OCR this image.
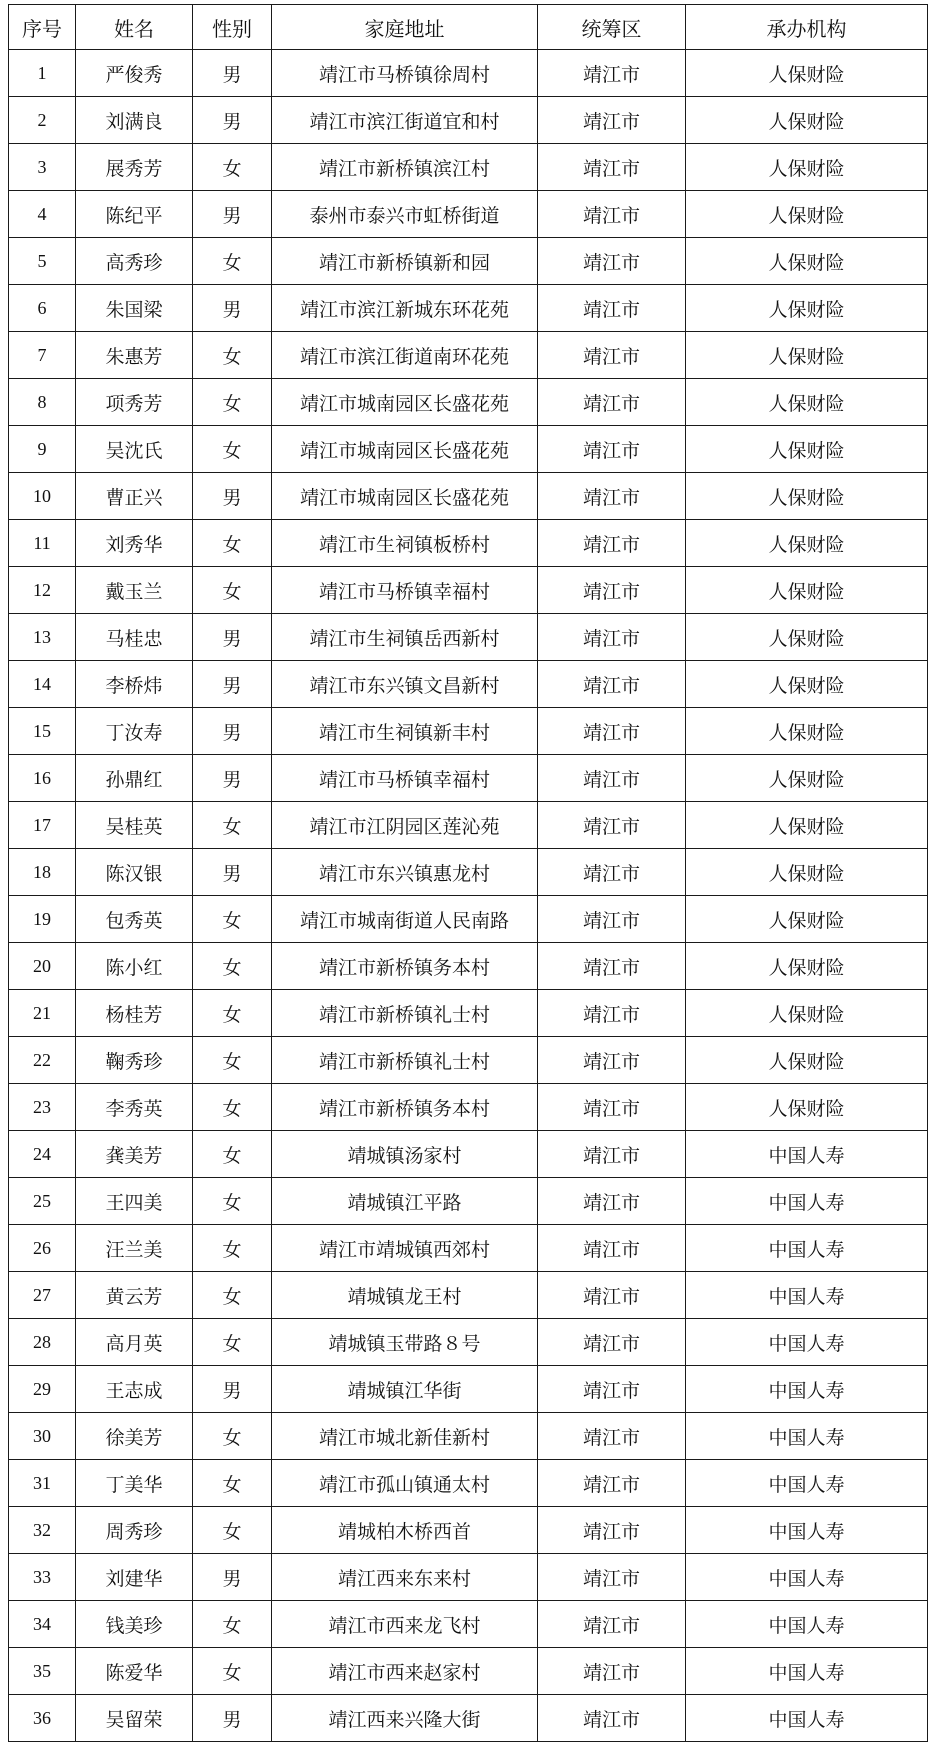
序号	姓名	性别	家庭地址	统筹区	承办机构
1	严俊秀	男	靖江市马桥镇徐周村	靖江市	人保财险
2	刘满良	男	靖江市滨江街道宜和村	靖江市	人保财险
3	展秀芳	女	靖江市新桥镇滨江村	靖江市	人保财险
4	陈纪平	男	泰州市泰兴市虹桥街道	靖江市	人保财险
5	高秀珍	女	靖江市新桥镇新和园	靖江市	人保财险
6	朱国梁	男	靖江市滨江新城东环花苑	靖江市	人保财险
7	朱惠芳	女	靖江市滨江街道南环花苑	靖江市	人保财险
8	项秀芳	女	靖江市城南园区长盛花苑	靖江市	人保财险
9	吴沈氏	女	靖江市城南园区长盛花苑	靖江市	人保财险
10	曹正兴	男	靖江市城南园区长盛花苑	靖江市	人保财险
11	刘秀华	女	靖江市生祠镇板桥村	靖江市	人保财险
12	戴玉兰	女	靖江市马桥镇幸福村	靖江市	人保财险
13	马桂忠	男	靖江市生祠镇岳西新村	靖江市	人保财险
14	李桥炜	男	靖江市东兴镇文昌新村	靖江市	人保财险
15	丁汝寿	男	靖江市生祠镇新丰村	靖江市	人保财险
16	孙鼎红	男	靖江市马桥镇幸福村	靖江市	人保财险
17	吴桂英	女	靖江市江阴园区莲沁苑	靖江市	人保财险
18	陈汉银	男	靖江市东兴镇惠龙村	靖江市	人保财险
19	包秀英	女	靖江市城南街道人民南路	靖江市	人保财险
20	陈小红	女	靖江市新桥镇务本村	靖江市	人保财险
21	杨桂芳	女	靖江市新桥镇礼士村	靖江市	人保财险
22	鞠秀珍	女	靖江市新桥镇礼士村	靖江市	人保财险
23	李秀英	女	靖江市新桥镇务本村	靖江市	人保财险
24	龚美芳	女	靖城镇汤家村	靖江市	中国人寿
25	王四美	女	靖城镇江平路	靖江市	中国人寿
26	汪兰美	女	靖江市靖城镇西郊村	靖江市	中国人寿
27	黄云芳	女	靖城镇龙王村	靖江市	中国人寿
28	高月英	女	靖城镇玉带路８号	靖江市	中国人寿
29	王志成	男	靖城镇江华街	靖江市	中国人寿
30	徐美芳	女	靖江市城北新佳新村	靖江市	中国人寿
31	丁美华	女	靖江市孤山镇通太村	靖江市	中国人寿
32	周秀珍	女	靖城柏木桥西首	靖江市	中国人寿
33	刘建华	男	靖江西来东来村	靖江市	中国人寿
34	钱美珍	女	靖江市西来龙飞村	靖江市	中国人寿
35	陈爱华	女	靖江市西来赵家村	靖江市	中国人寿
36	吴留荣	男	靖江西来兴隆大街	靖江市	中国人寿
